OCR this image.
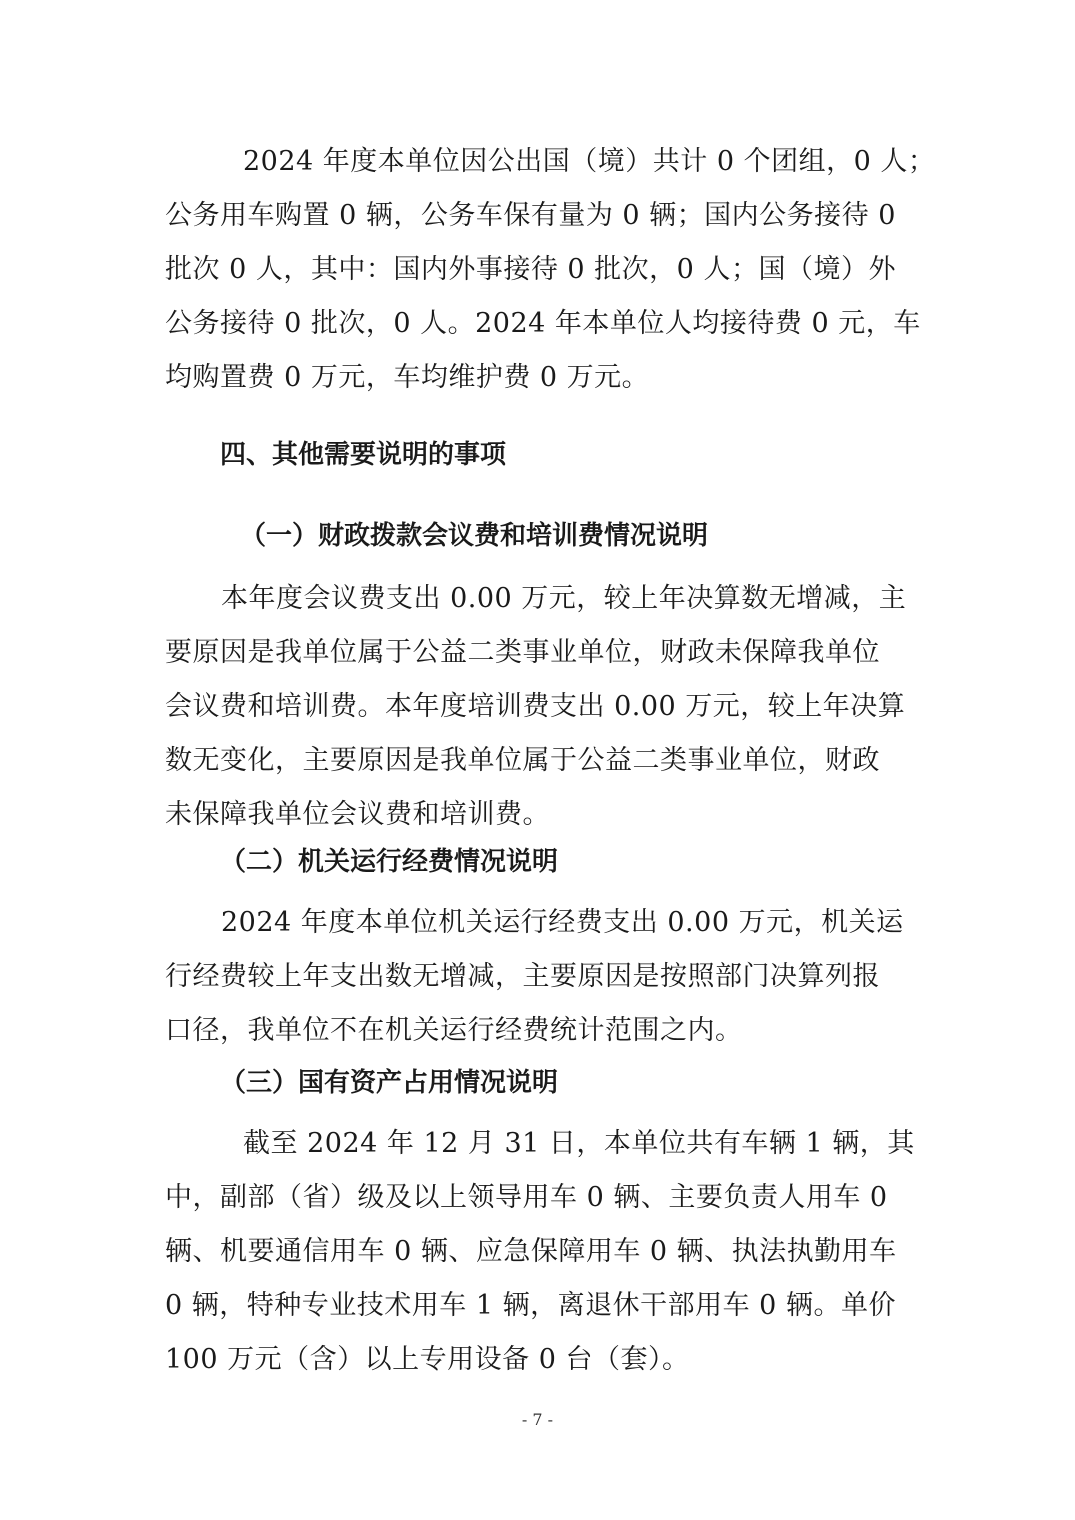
2024 年度本单位因公出国（境）共计 0 个团组，0 人；
公务用车购置 0 辆，公务车保有量为 0 辆；国内公务接待 0
批次 0 人，其中：国内外事接待 0 批次，0 人；国（境）外
公务接待 0 批次，0 人。2024 年本单位人均接待费 0 元，车
均购置费 0 万元，车均维护费 0 万元。
四、其他需要说明的事项
（一）财政拨款会议费和培训费情况说明
本年度会议费支出 0.00 万元，较上年决算数无增减，主
要原因是我单位属于公益二类事业单位，财政未保障我单位
会议费和培训费。本年度培训费支出 0.00 万元，较上年决算
数无变化，主要原因是我单位属于公益二类事业单位，财政
未保障我单位会议费和培训费。
（二）机关运行经费情况说明
2024 年度本单位机关运行经费支出 0.00 万元，机关运
行经费较上年支出数无增减，主要原因是按照部门决算列报
口径，我单位不在机关运行经费统计范围之内。
（三）国有资产占用情况说明
截至 2024 年 12 月 31 日，本单位共有车辆 1 辆，其
中，副部（省）级及以上领导用车 0 辆、主要负责人用车 0
辆、机要通信用车 0 辆、应急保障用车 0 辆、执法执勤用车
0 辆，特种专业技术用车 1 辆，离退休干部用车 0 辆。单价
100 万元（含）以上专用设备 0 台（套）。
- 7 -
